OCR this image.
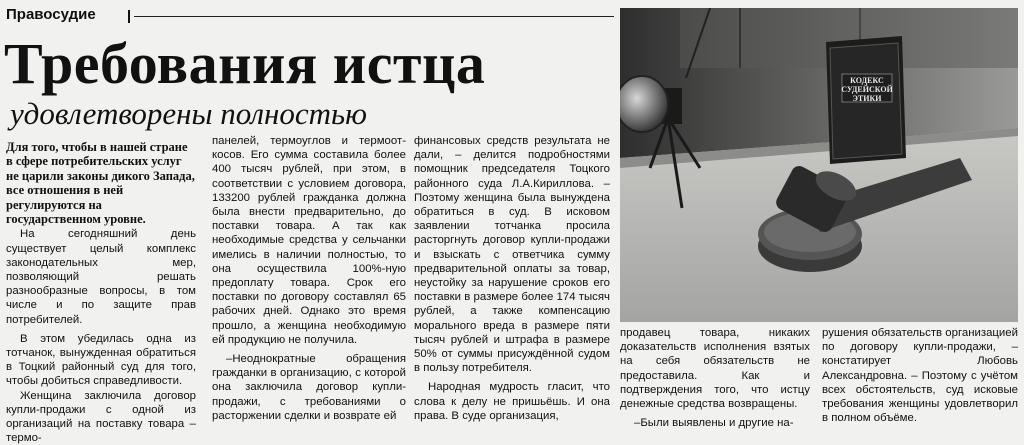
Правосудие
Требования истца
удовлетворены полностью

Для того, чтобы в нашей стране в сфере потребительских услуг не царили законы дикого Запада, все отношения в ней регулируются на государственном уровне.

На сегодняшний день существует целый комплекс законодательных мер, позволяющий решать разнообразные вопросы, в том числе и по защите прав потребителей.

В этом убедилась одна из тотчанок, вынужденная обратиться в Тоцкий районный суд для того, чтобы добиться справедливости.

Женщина заключила договор купли-продажи с одной из организаций на поставку товара – термо-

панелей, термоуглов и термооткосов. Его сумма составила более 400 тысяч рублей, при этом, в соответствии с условием договора, 133200 рублей гражданка должна была внести предварительно, до поставки товара. А так как необходимые средства у сельчанки имелись в наличии полностью, то она осуществила 100%-ную предоплату товара. Срок его поставки по договору составлял 65 рабочих дней. Однако это время прошло, а женщина необходимую ей продукцию не получила.

–Неоднократные обращения гражданки в организацию, с которой она заключила договор купли-продажи, с требованиями о расторжении сделки и возврате ей

финансовых средств результата не дали, – делится подробностями помощник председателя Тоцкого районного суда Л.А.Кириллова. – Поэтому женщина была вынуждена обратиться в суд. В исковом заявлении тотчанка просила расторгнуть договор купли-продажи и взыскать с ответчика сумму предварительной оплаты за товар, неустойку за нарушение сроков его поставки в размере более 174 тысяч рублей, а также компенсацию морального вреда в размере пяти тысяч рублей и штрафа в размере 50% от суммы присуждённой судом в пользу потребителя.

Народная мудрость гласит, что слова к делу не пришьёшь. И она права. В суде организация,

КОДЕКС
СУДЕЙСКОЙ
ЭТИКИ

продавец товара, никаких доказательств исполнения взятых на себя обязательств не предоставила. Как и подтверждения того, что истцу денежные средства возвращены.

–Были выявлены и другие на-

рушения обязательств организацией по договору купли-продажи, – констатирует Любовь Александровна. – Поэтому с учётом всех обстоятельств, суд исковые требования женщины удовлетворил в полном объёме.
